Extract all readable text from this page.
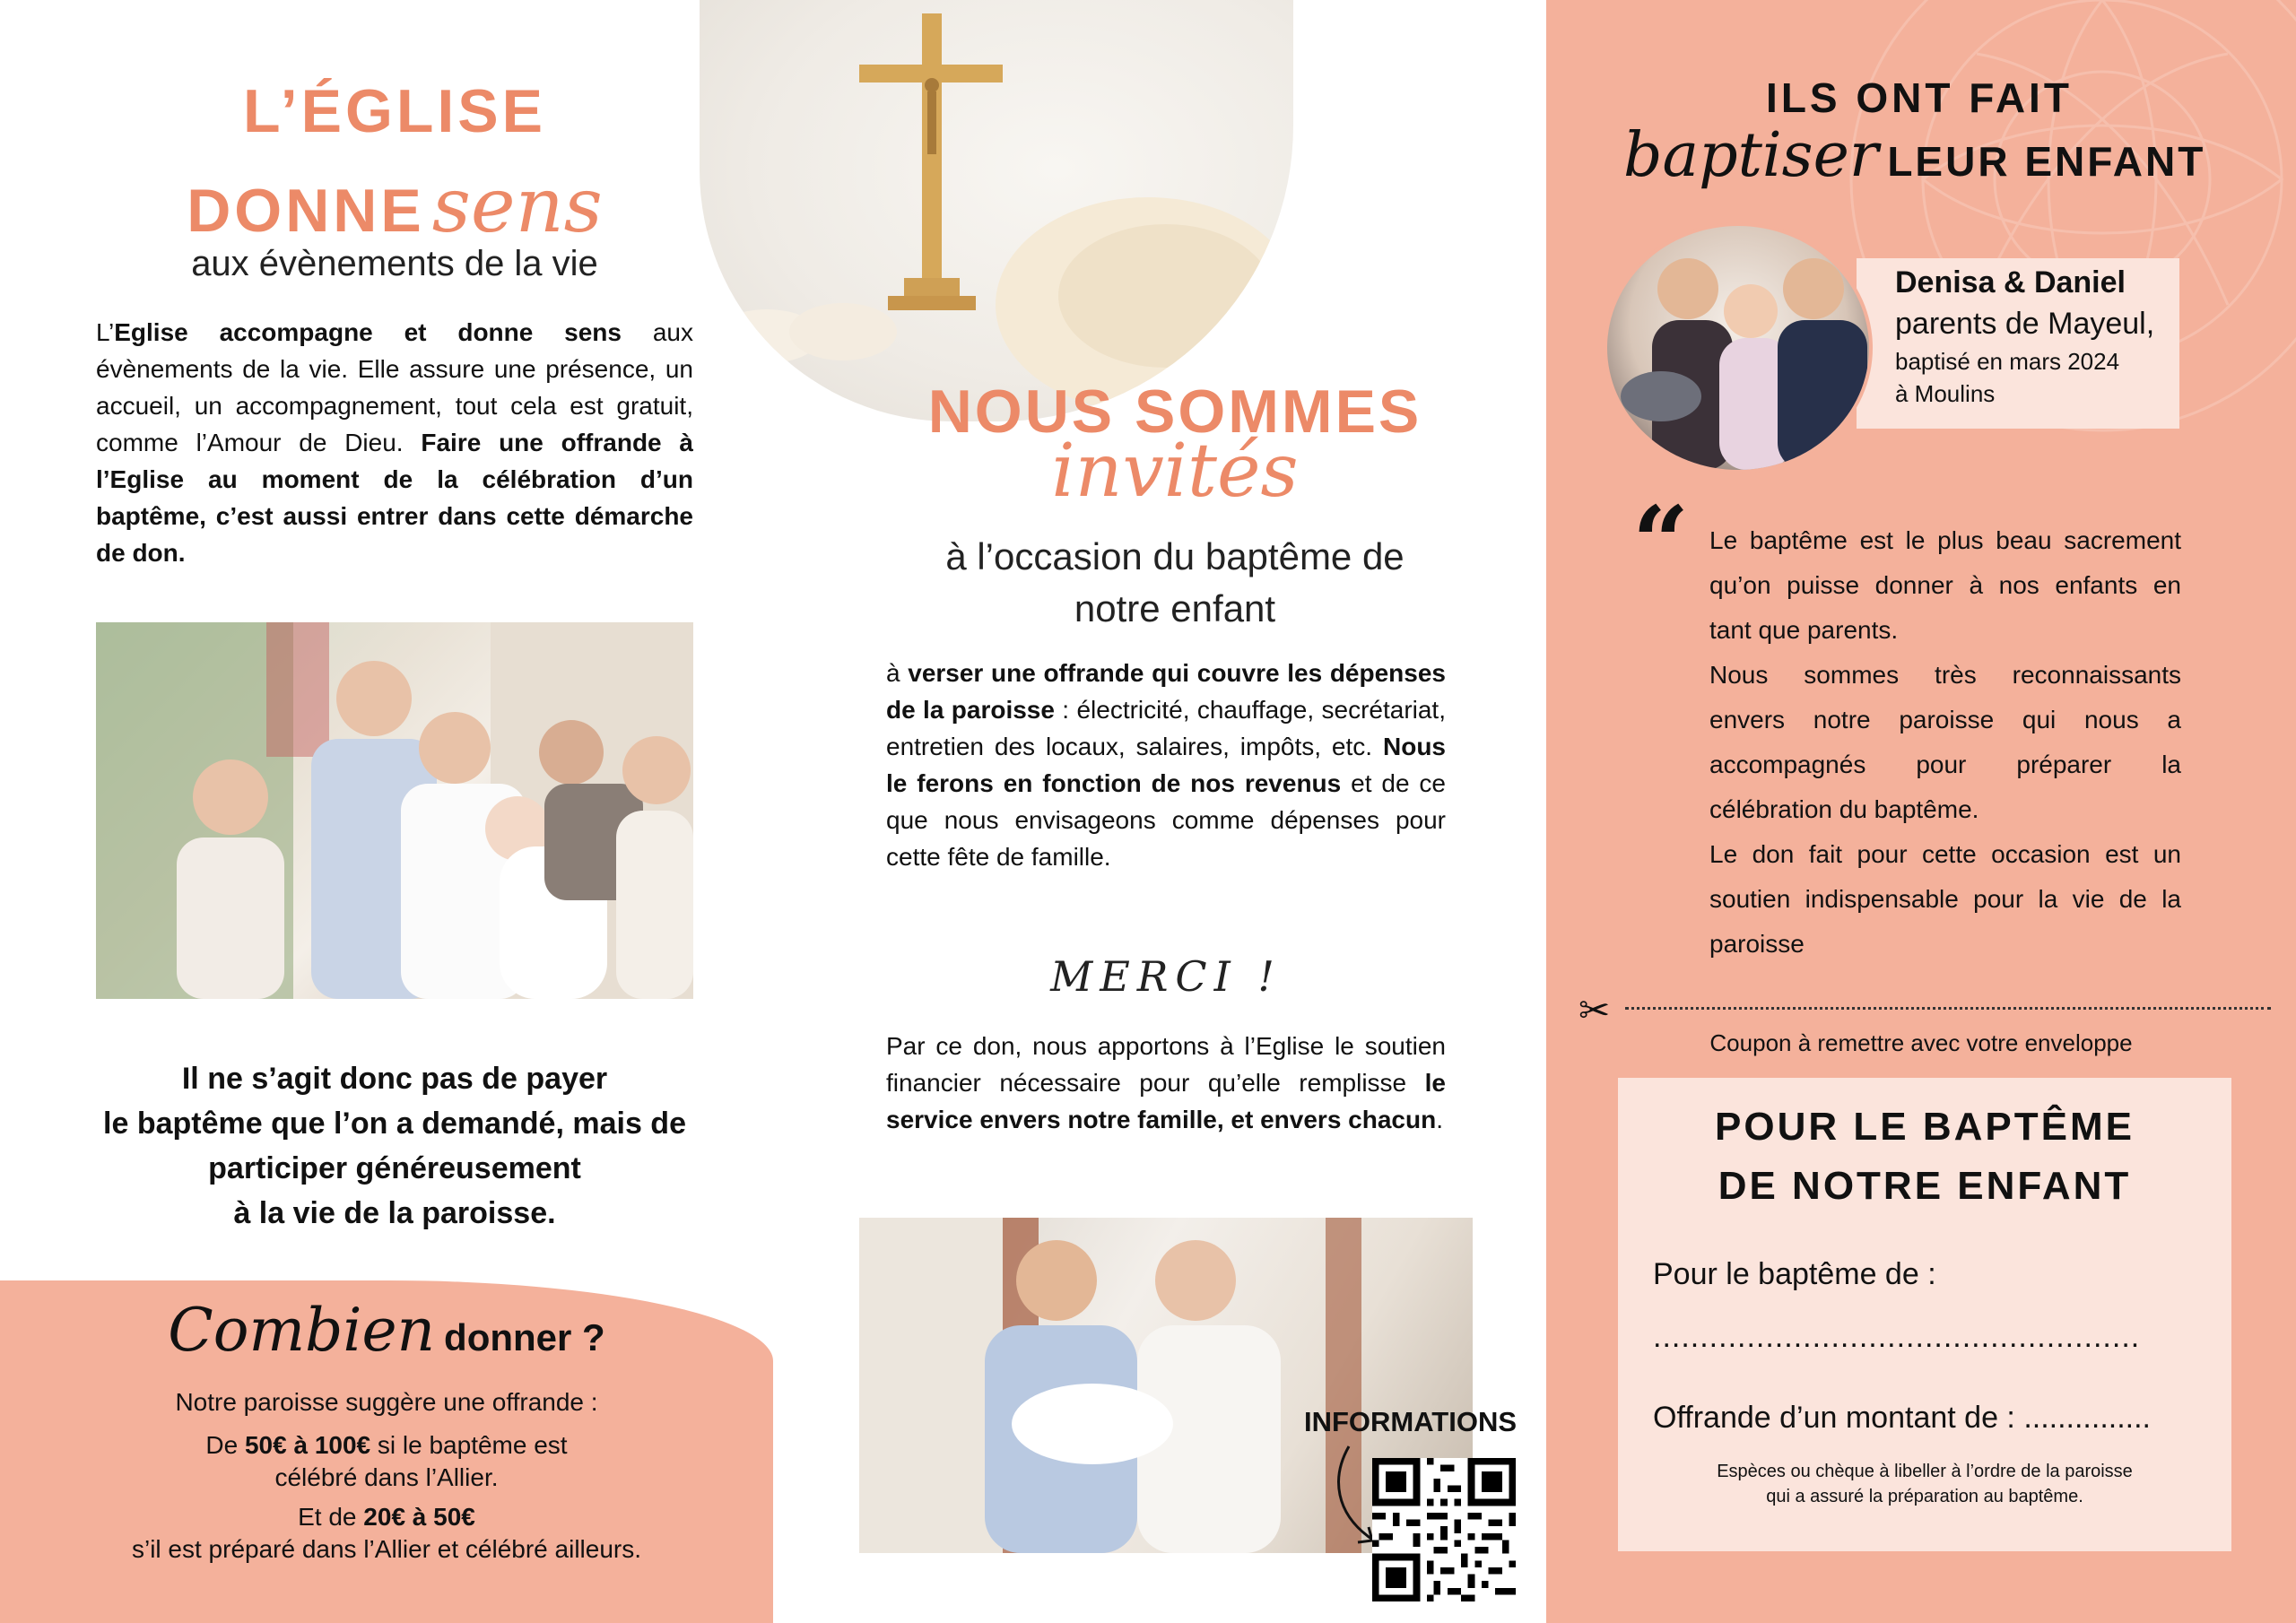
L’ÉGLISE
DONNEsens
aux évènements de la vie
L’Eglise accompagne et donne sens aux évènements de la vie. Elle assure une présence, un accueil, un accompagnement, tout cela est gratuit, comme l’Amour de Dieu. Faire une offrande à l’Eglise au moment de la célébration d’un baptême, c’est aussi entrer dans cette démarche de don.
Il ne s’agit donc pas de payer
le baptême que l’on a demandé, mais de
participer généreusement
à la vie de la paroisse.
Combien donner ?
Notre paroisse suggère une offrande :
De 50€ à 100€ si le baptême est
célébré dans l’Allier.
Et de 20€ à 50€
s’il est préparé dans l’Allier et célébré ailleurs.
NOUS SOMMES
invités
à l’occasion du baptême de
notre enfant
à verser une offrande qui couvre les dépenses de la paroisse : électricité, chauffage, secrétariat, entretien des locaux, salaires, impôts, etc. Nous le ferons en fonction de nos revenus et de ce que nous envisageons comme dépenses pour cette fête de famille.
MERCI !
Par ce don, nous apportons à l’Eglise le soutien financier nécessaire pour qu’elle remplisse le service envers notre famille, et envers chacun.
INFORMATIONS
ILS ONT FAIT
baptiser LEUR ENFANT
Denisa & Daniel
parents de Mayeul,
baptisé en mars 2024
à Moulins
“ Le baptême est le plus beau sacrement
qu’on puisse donner à nos enfants en
tant que parents.
Nous sommes très reconnaissants
envers notre paroisse qui nous a
accompagnés pour préparer la
célébration du baptême.
Le don fait pour cette occasion est un
soutien indispensable pour la vie de la
paroisse
✂
Coupon à remettre avec votre enveloppe
POUR LE BAPTÊME
DE NOTRE ENFANT
Pour le baptême de :
....................................................
Offrande d’un montant de : ...............
Espèces ou chèque à libeller à l’ordre de la paroisse
qui a assuré la préparation au baptême.
